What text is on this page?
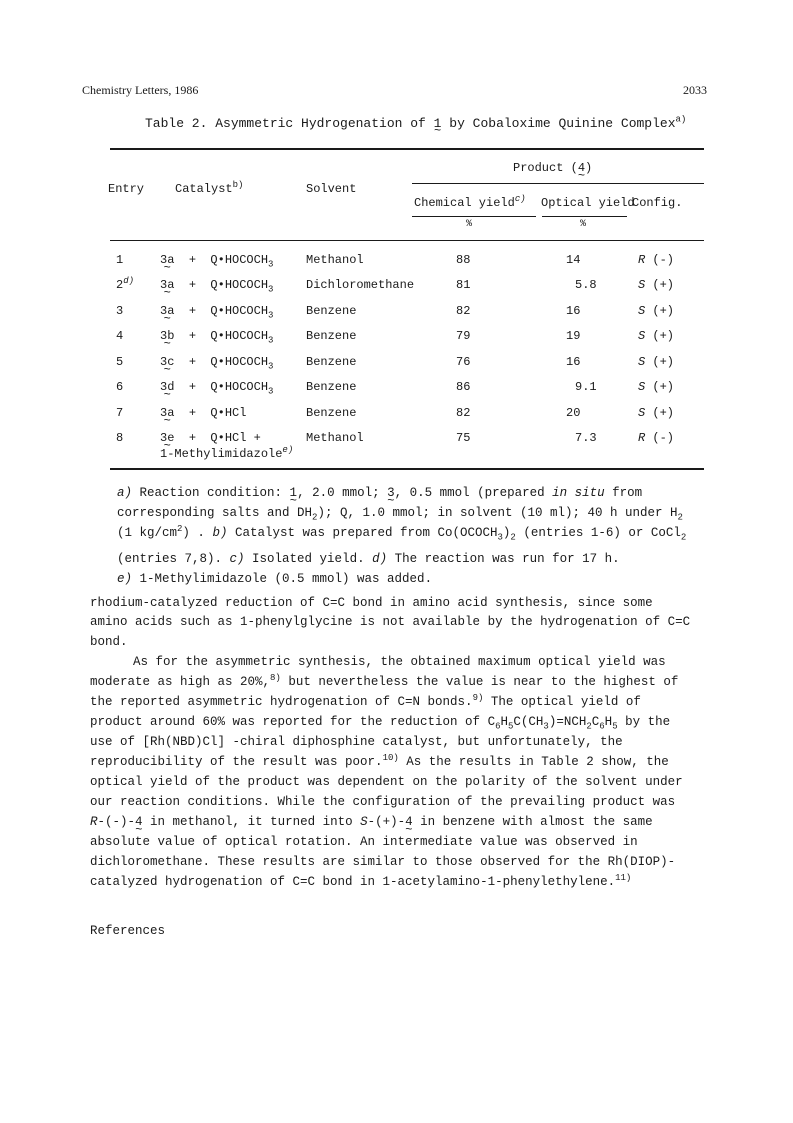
Chemistry Letters, 1986	2033
Table 2. Asymmetric Hydrogenation of 1 ~ by Cobaloxime Quinine Complex$^{a)}$
Entry	Catalyst$^{b)}$	Solvent
Product (4 ~)
Chemical yield$^{c)}$ Optical yield
Config.
%	%
1	3a ~ + $Q•HOCOCH_3$	Methanol	88	14	R (-)
2$^{d)}$ 3a ~ + $Q•HOCOCH_3$	Dichloromethane	81	5.8	S (+)
3	3a ~ + $Q•HOCOCH_3$	Benzene	82	16	S (+)
4	3b ~ + $Q•HOCOCH_3$	Benzene	79	19	S (+)
5	3c ~ + $Q•HOCOCH_3$	Benzene	76	16	S (+)
6	3d ~ + $Q•HOCOCH_3$	Benzene	86	9.1	S (+)
7	3a ~ + Q•HCl	Benzene	82	20	S (+)
8	3e ~ + Q•HCl +	Methanol	75	7.3	R (-)
1-Methylimidazole$^{e)}$
a) Reaction condition: 1 ~, 2.0 mmol; 3 ~, 0.5 mmol (prepared in situ from
corresponding salts and $DH_2$); Q, 1.0 mmol; in solvent (10 ml); 40 h under $H_2$
(1 $kg/cm^2$) . b) Catalyst was prepared from $Co(OCOCH_3)_2$ (entries 1-6) or CoCl$_2$
(entries 7,8). c) Isolated yield. d) The reaction was run for 17 h.
e) 1-Methylimidazole (0.5 mmol) was added.
rhodium-catalyzed reduction of C=C bond in amino acid synthesis, since some
amino acids such as 1-phenylglycine is not available by the hydrogenation of C=C
bond.
As for the asymmetric synthesis, the obtained maximum optical yield was
moderate as high as 20%,$^{8)}$ but nevertheless the value is near to the highest of
the reported asymmetric hydrogenation of C=N bonds.$^{9)}$ The optical yield of
product around 60% was reported for the reduction of $C_6H_5C(CH_3)=NCH_2C_6H_5$ by the
use of [Rh(NBD)Cl] -chiral diphosphine catalyst, but unfortunately, the
reproducibility of the result was poor.$^{10)}$ As the results in Table 2 show, the
optical yield of the product was dependent on the polarity of the solvent under
our reaction conditions. While the configuration of the prevailing product was
R-(-)-4 ~ in methanol, it turned into S-(+)-4 ~ in benzene with almost the same
absolute value of optical rotation. An intermediate value was observed in
dichloromethane. These results are similar to those observed for the Rh(DIOP)-
catalyzed hydrogenation of C=C bond in 1-acetylamino-1-phenylethylene.$^{11)}$
References
